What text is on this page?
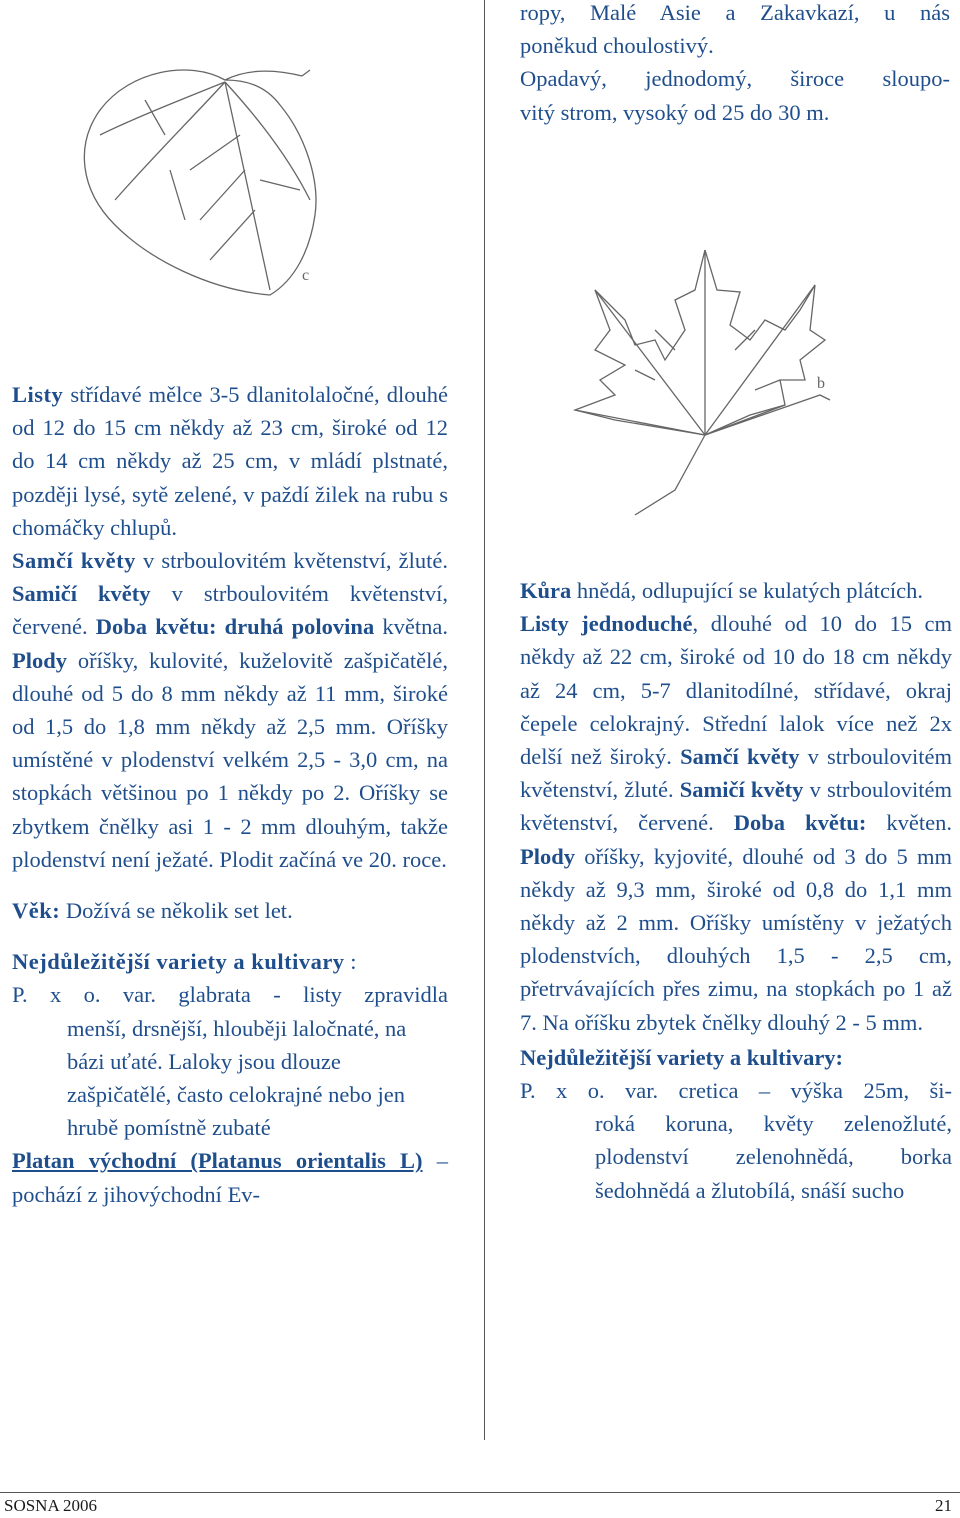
c
b

ropy, Malé Asie a Zakavkazí, u nás

poněkud choulostivý.

Opadavý, jednodomý, široce sloupo-

vitý strom, vysoký od 25 do 30 m.

Listy střídavé mělce 3-5 dlanitolaločné, dlouhé od 12 do 15 cm někdy až 23 cm, široké od 12 do 14 cm někdy až 25 cm, v mládí plstnaté, později lysé, sytě zelené, v paždí žilek na rubu s chomáčky chlupů.

Samčí květy v strboulovitém květenství, žluté. Samičí květy v strboulovitém květenství, červené. Doba květu: druhá polovina května. Plody oříšky, kulovité, kuželovitě zašpičatělé, dlouhé od 5 do 8 mm někdy až 11 mm, široké od 1,5 do 1,8 mm někdy až 2,5 mm. Oříšky umístěné v plodenství velkém 2,5 - 3,0 cm, na stopkách většinou po 1 někdy po 2. Oříšky se zbytkem čnělky asi 1 - 2 mm dlouhým, takže plodenství není ježaté. Plodit začíná ve 20. roce.

Věk: Dožívá se několik set let.

Nejdůležitější variety a kultivary :

P. x o. var. glabrata - listy zpravidla

menší, drsnější, hlouběji laločnaté, na bázi uťaté. Laloky jsou dlouze zašpičatělé, často celokrajné nebo jen hrubě pomístně zubaté

Platan východní (Platanus orientalis L) – pochází z jihovýchodní Ev-

Kůra hnědá, odlupující se kulatých plátcích.

Listy jednoduché, dlouhé od 10 do 15 cm někdy až 22 cm, široké od 10 do 18 cm někdy až 24 cm, 5-7 dlanitodílné, střídavé, okraj čepele celokrajný. Střední lalok více než 2x delší než široký. Samčí květy v strboulovitém květenství, žluté. Samičí květy v strboulovitém květenství, červené. Doba květu: květen. Plody oříšky, kyjovité, dlouhé od 3 do 5 mm někdy až 9,3 mm, široké od 0,8 do 1,1 mm někdy až 2 mm. Oříšky umístěny v ježatých plodenstvích, dlouhých 1,5 - 2,5 cm, přetrvávajících přes zimu, na stopkách po 1 až 7. Na oříšku zbytek čnělky dlouhý 2 - 5 mm.

Nejdůležitější variety a kultivary:

P. x o. var. cretica – výška 25m, ši-

roká koruna, květy zelenožluté, plodenství zelenohnědá, borka šedohnědá a žlutobílá, snáší sucho

SOSNA 2006	21
